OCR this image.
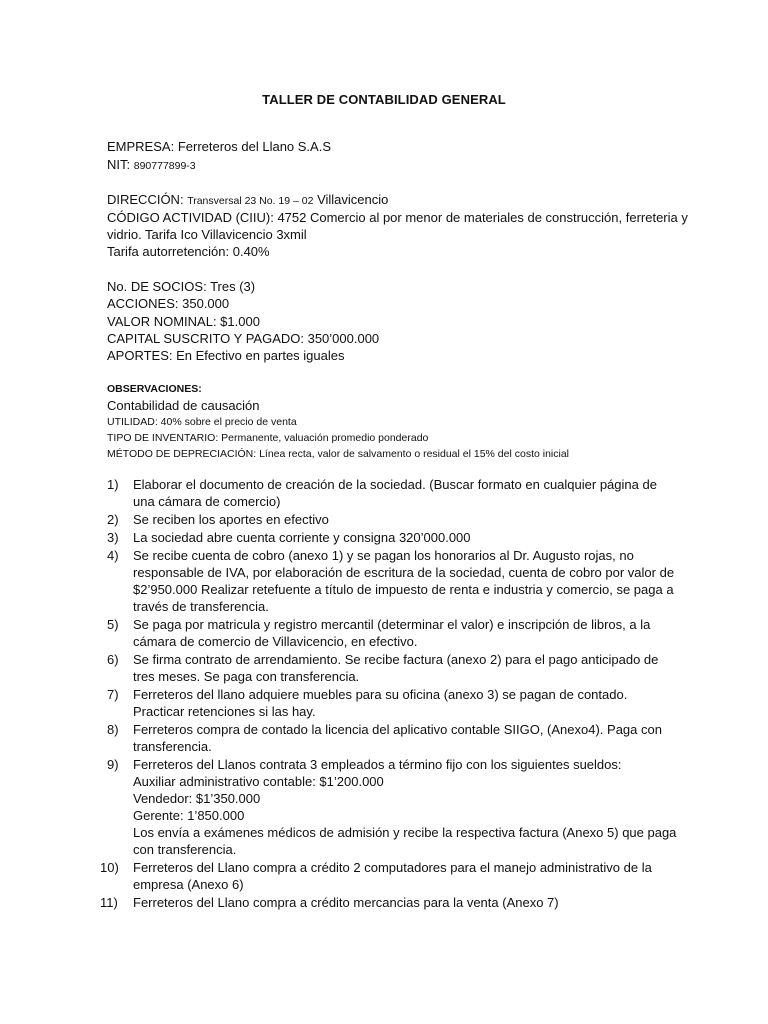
TALLER DE CONTABILIDAD GENERAL
EMPRESA: Ferreteros del Llano S.A.S
NIT: 890777899-3
DIRECCIÓN: Transversal 23 No. 19 – 02 Villavicencio
CÓDIGO ACTIVIDAD (CIIU): 4752 Comercio al por menor de materiales de construcción, ferreteria y
vidrio. Tarifa Ico Villavicencio 3xmil
Tarifa autorretención: 0.40%
No. DE SOCIOS: Tres (3)
ACCIONES: 350.000
VALOR NOMINAL: $1.000
CAPITAL SUSCRITO Y PAGADO: 350’000.000
APORTES: En Efectivo en partes iguales
OBSERVACIONES:
Contabilidad de causación
UTILIDAD: 40% sobre el precio de venta
TIPO DE INVENTARIO: Permanente, valuación promedio ponderado
MÉTODO DE DEPRECIACIÓN: Línea recta, valor de salvamento o residual el 15% del costo inicial
1)	Elaborar el documento de creación de la sociedad. (Buscar formato en cualquier página de

una cámara de comercio)

2)	Se reciben los aportes en efectivo

3)	La sociedad abre cuenta corriente y consigna 320’000.000

4)	Se recibe cuenta de cobro (anexo 1) y se pagan los honorarios al Dr. Augusto rojas, no

responsable de IVA, por elaboración de escritura de la sociedad, cuenta de cobro por valor de

$2’950.000 Realizar retefuente a título de impuesto de renta e industria y comercio, se paga a

través de transferencia.

5)	Se paga por matricula y registro mercantil (determinar el valor) e inscripción de libros, a la

cámara de comercio de Villavicencio, en efectivo.

6)	Se firma contrato de arrendamiento. Se recibe factura (anexo 2) para el pago anticipado de

tres meses. Se paga con transferencia.

7)	Ferreteros del llano adquiere muebles para su oficina (anexo 3) se pagan de contado.

Practicar retenciones si las hay.

8)	Ferreteros compra de contado la licencia del aplicativo contable SIIGO, (Anexo4). Paga con

transferencia.

9)	Ferreteros del Llanos contrata 3 empleados a término fijo con los siguientes sueldos:

Auxiliar administrativo contable: $1’200.000

Vendedor: $1’350.000

Gerente: 1’850.000

Los envía a exámenes médicos de admisión y recibe la respectiva factura (Anexo 5) que paga

con transferencia.

10)	Ferreteros del Llano compra a crédito 2 computadores para el manejo administrativo de la

empresa (Anexo 6)

11)	Ferreteros del Llano compra a crédito mercancias para la venta (Anexo 7)
